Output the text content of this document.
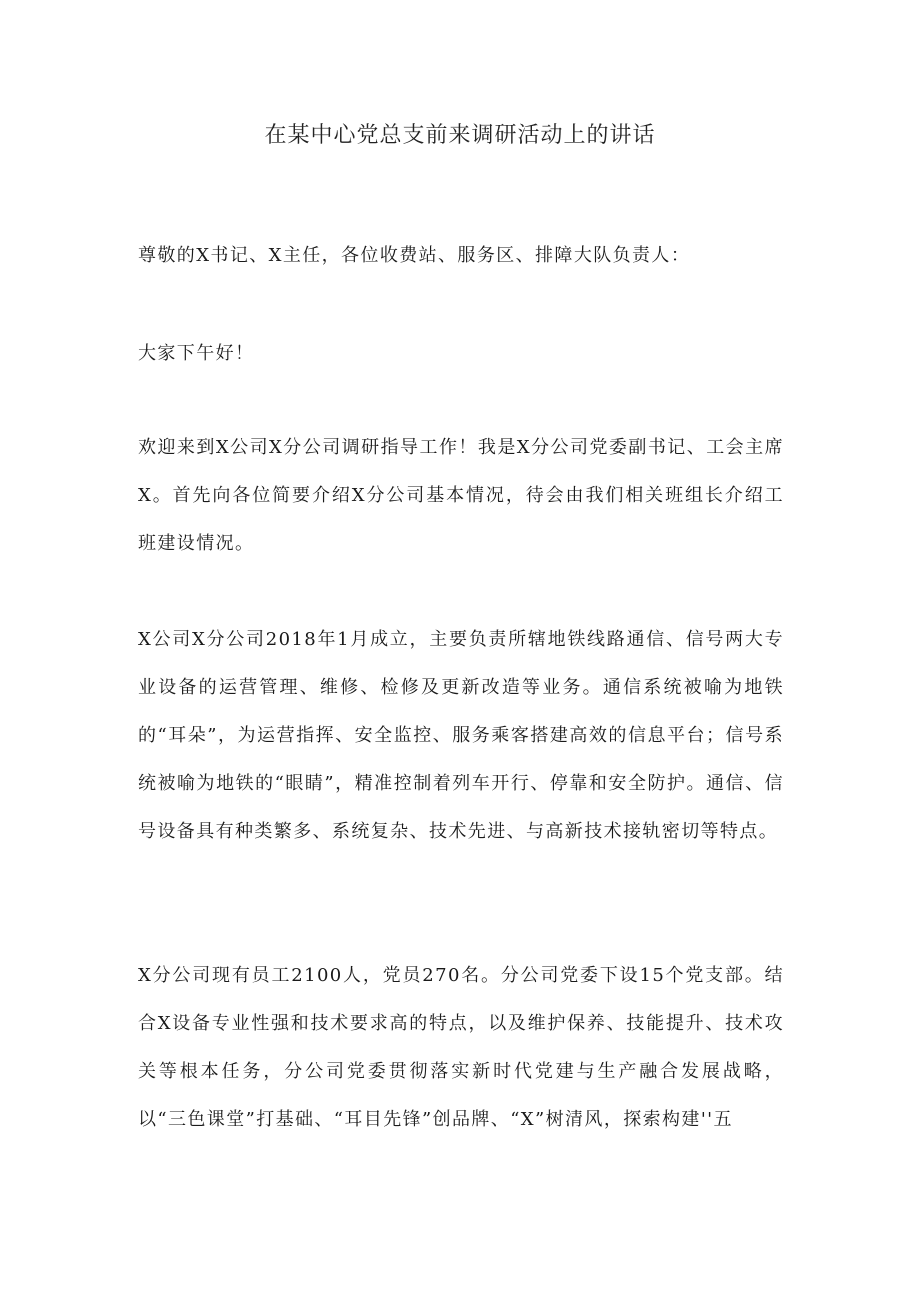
在某中心党总支前来调研活动上的讲话

尊敬的X书记、X主任，各位收费站、服务区、排障大队负责人：

大家下午好！

欢迎来到X公司X分公司调研指导工作！我是X分公司党委副书记、工会主席X。首先向各位简要介绍X分公司基本情况，待会由我们相关班组长介绍工班建设情况。

X公司X分公司2018年1月成立，主要负责所辖地铁线路通信、信号两大专业设备的运营管理、维修、检修及更新改造等业务。通信系统被喻为地铁的“耳朵”，为运营指挥、安全监控、服务乘客搭建高效的信息平台；信号系统被喻为地铁的“眼睛”，精准控制着列车开行、停靠和安全防护。通信、信号设备具有种类繁多、系统复杂、技术先进、与高新技术接轨密切等特点。

X分公司现有员工2100人，党员270名。分公司党委下设15个党支部。结合X设备专业性强和技术要求高的特点，以及维护保养、技能提升、技术攻关等根本任务，分公司党委贯彻落实新时代党建与生产融合发展战略，以“三色课堂”打基础、“耳目先锋”创品牌、“X”树清风，探索构建''五
